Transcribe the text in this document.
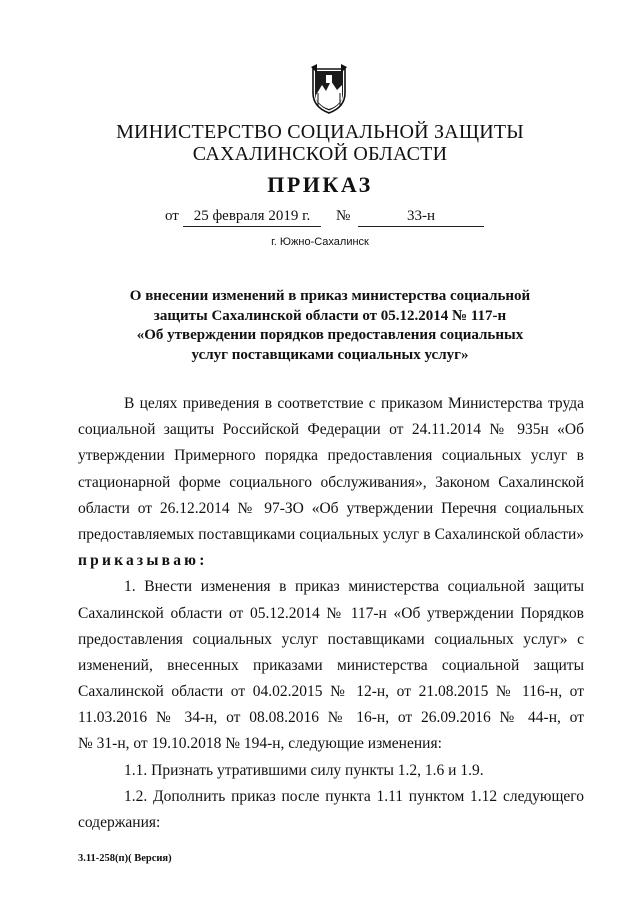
МИНИСТЕРСТВО СОЦИАЛЬНОЙ ЗАЩИТЫ
САХАЛИНСКОЙ ОБЛАСТИ
ПРИКАЗ
от 25 февраля 2019 г.	№	33-н
г. Южно-Сахалинск
О внесении изменений в приказ министерства социальной
защиты Сахалинской области от 05.12.2014 № 117-н
«Об утверждении порядков предоставления социальных
услуг поставщиками социальных услуг»
В целях приведения в соответствие с приказом Министерства труда
социальной защиты Российской Федерации от 24.11.2014 № 935н «Об
утверждении Примерного порядка предоставления социальных услуг в
стационарной форме социального обслуживания», Законом Сахалинской
области от 26.12.2014 № 97-ЗО «Об утверждении Перечня социальных
предоставляемых поставщиками социальных услуг в Сахалинской области»
приказываю:
1. Внести изменения в приказ министерства социальной защиты
Сахалинской области от 05.12.2014 № 117-н «Об утверждении Порядков
предоставления социальных услуг поставщиками социальных услуг» с
изменений, внесенных приказами министерства социальной защиты
Сахалинской области от 04.02.2015 № 12-н, от 21.08.2015 № 116-н, от
11.03.2016 № 34-н, от 08.08.2016 № 16-н, от 26.09.2016 № 44-н, от
№ 31-н, от 19.10.2018 № 194-н, следующие изменения:
1.1. Признать утратившими силу пункты 1.2, 1.6 и 1.9.
1.2. Дополнить приказ после пункта 1.11 пунктом 1.12 следующего
содержания:
3.11-258(п)( Версия)
